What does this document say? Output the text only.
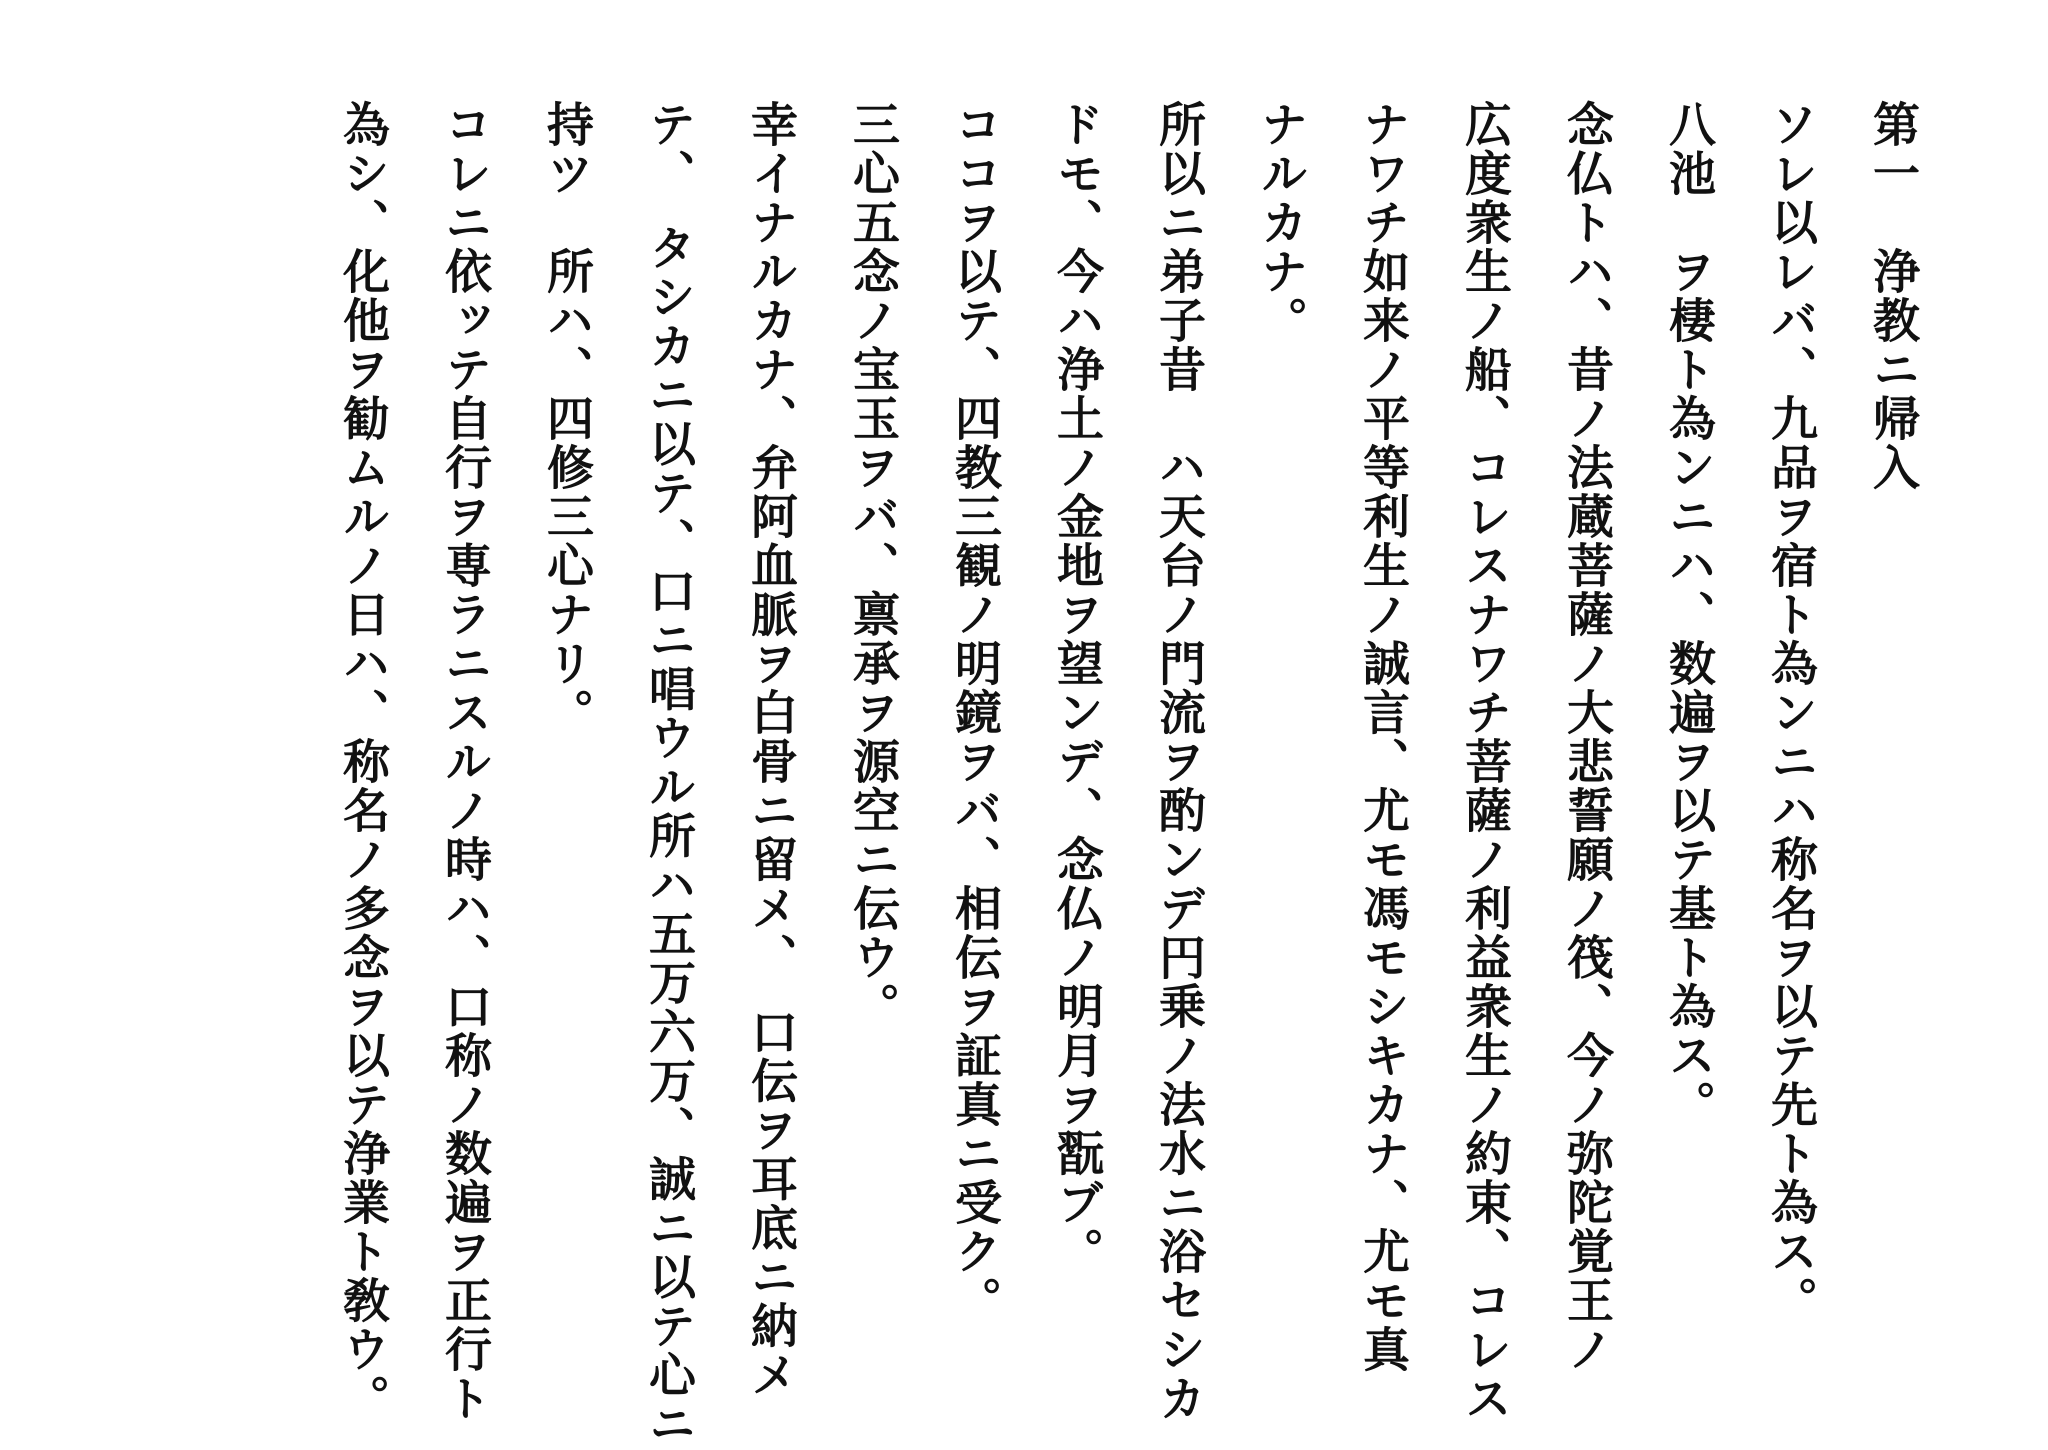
第一　浄教ニ帰入
ソレ以レバ、九品ヲ宿ト為ンニハ称名ヲ以テ先ト為ス。
八池　ヲ棲ト為ンニハ、数遍ヲ以テ基ト為ス。
念仏トハ、昔ノ法蔵菩薩ノ大悲誓願ノ筏、今ノ弥陀覚王ノ
広度衆生ノ船、コレスナワチ菩薩ノ利益衆生ノ約束、コレス
ナワチ如来ノ平等利生ノ誠言、尤モ馮モシキカナ、尤モ真
ナルカナ。
所以ニ弟子昔　ハ天台ノ門流ヲ酌ンデ円乗ノ法水ニ浴セシカ
ドモ、今ハ浄土ノ金地ヲ望ンデ、念仏ノ明月ヲ翫ブ。
ココヲ以テ、四教三観ノ明鏡ヲバ、相伝ヲ証真ニ受ク。
三心五念ノ宝玉ヲバ、禀承ヲ源空ニ伝ウ。
幸イナルカナ、弁阿血脈ヲ白骨ニ留メ、　口伝ヲ耳底ニ納メ
テ、　タシカニ以テ、口ニ唱ウル所ハ五万六万、誠ニ以テ心ニ
持ツ　所ハ、四修三心ナリ。
コレニ依ッテ自行ヲ専ラニスルノ時ハ、口称ノ数遍ヲ正行ト
為シ、化他ヲ勧ムルノ日ハ、称名ノ多念ヲ以テ浄業ト敎ウ。
